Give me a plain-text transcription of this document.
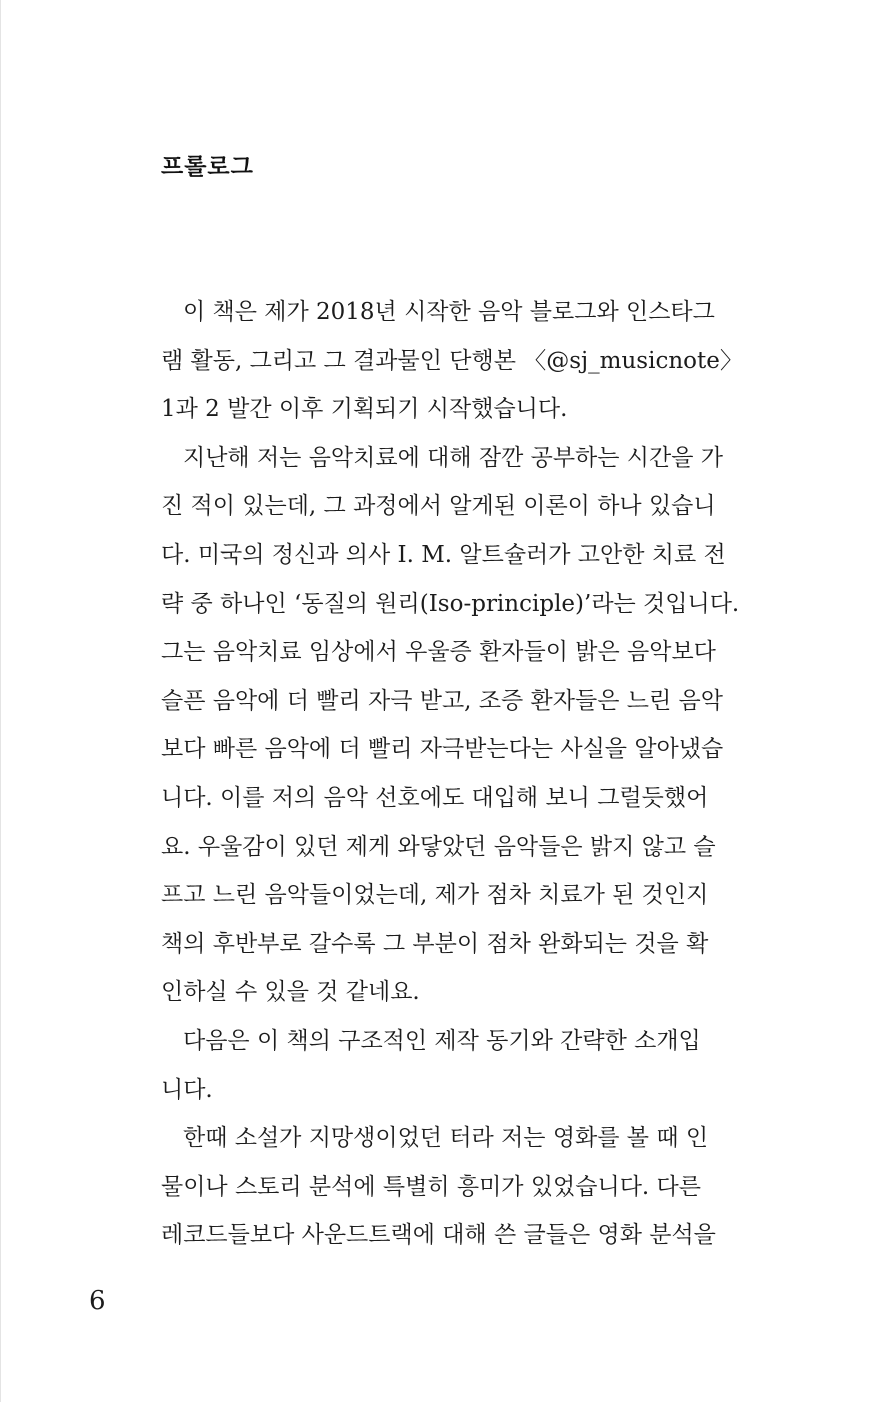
프롤로그
이 책은 제가 2018년 시작한 음악 블로그와 인스타그
램 활동, 그리고 그 결과물인 단행본 〈@sj_musicnote〉
1과 2 발간 이후 기획되기 시작했습니다.
지난해 저는 음악치료에 대해 잠깐 공부하는 시간을 가
진 적이 있는데, 그 과정에서 알게된 이론이 하나 있습니
다. 미국의 정신과 의사 I. M. 알트슐러가 고안한 치료 전
략 중 하나인 ‘동질의 원리(Iso-principle)’라는 것입니다.
그는 음악치료 임상에서 우울증 환자들이 밝은 음악보다
슬픈 음악에 더 빨리 자극 받고, 조증 환자들은 느린 음악
보다 빠른 음악에 더 빨리 자극받는다는 사실을 알아냈습
니다. 이를 저의 음악 선호에도 대입해 보니 그럴듯했어
요. 우울감이 있던 제게 와닿았던 음악들은 밝지 않고 슬
프고 느린 음악들이었는데, 제가 점차 치료가 된 것인지
책의 후반부로 갈수록 그 부분이 점차 완화되는 것을 확
인하실 수 있을 것 같네요.
다음은 이 책의 구조적인 제작 동기와 간략한 소개입
니다.
한때 소설가 지망생이었던 터라 저는 영화를 볼 때 인
물이나 스토리 분석에 특별히 흥미가 있었습니다. 다른
레코드들보다 사운드트랙에 대해 쓴 글들은 영화 분석을
6
